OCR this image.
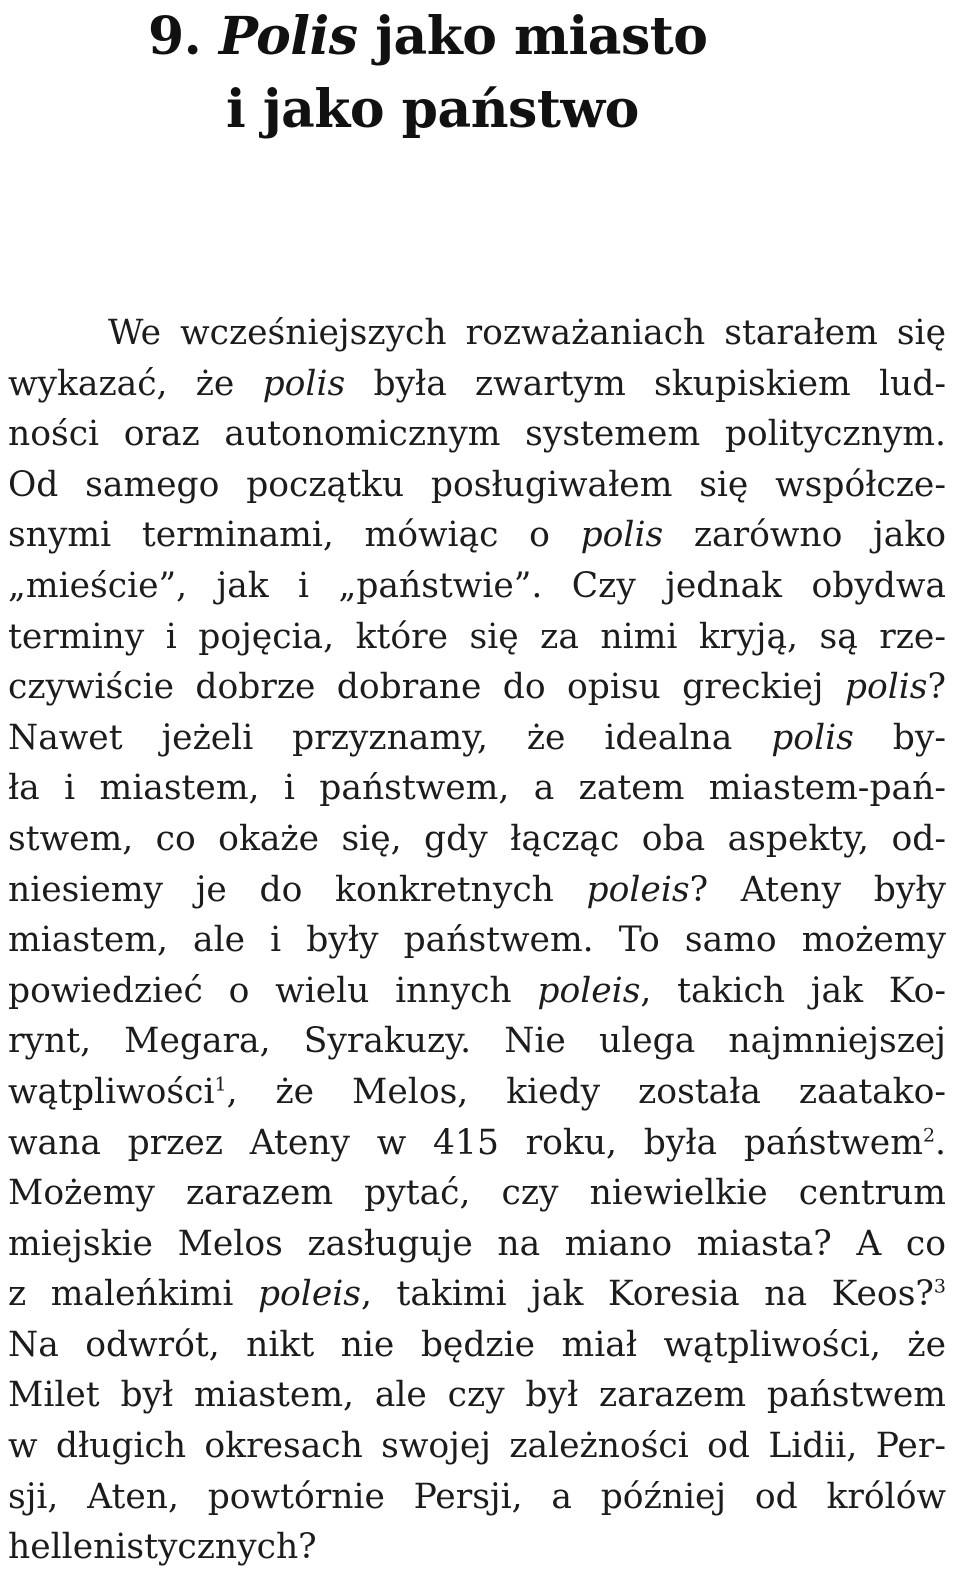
9. Polis jako miasto
i jako państwo
We wcześniejszych rozważaniach starałem się
wykazać, że polis była zwartym skupiskiem lud-
ności oraz autonomicznym systemem politycznym.
Od samego początku posługiwałem się współcze-
snymi terminami, mówiąc o polis zarówno jako
„mieście”, jak i „państwie”. Czy jednak obydwa
terminy i pojęcia, które się za nimi kryją, są rze-
czywiście dobrze dobrane do opisu greckiej polis?
Nawet jeżeli przyznamy, że idealna polis by-
ła i miastem, i państwem, a zatem miastem-pań-
stwem, co okaże się, gdy łącząc oba aspekty, od-
niesiemy je do konkretnych poleis? Ateny były
miastem, ale i były państwem. To samo możemy
powiedzieć o wielu innych poleis, takich jak Ko-
rynt, Megara, Syrakuzy. Nie ulega najmniejszej
wątpliwości$^1$, że Melos, kiedy została zaatako-
wana przez Ateny w 415 roku, była państwem$^2$.
Możemy zarazem pytać, czy niewielkie centrum
miejskie Melos zasługuje na miano miasta? A co
z maleńkimi poleis, takimi jak Koresia na Keos?$^3$
Na odwrót, nikt nie będzie miał wątpliwości, że
Milet był miastem, ale czy był zarazem państwem
w długich okresach swojej zależności od Lidii, Per-
sji, Aten, powtórnie Persji, a później od królów
hellenistycznych?
